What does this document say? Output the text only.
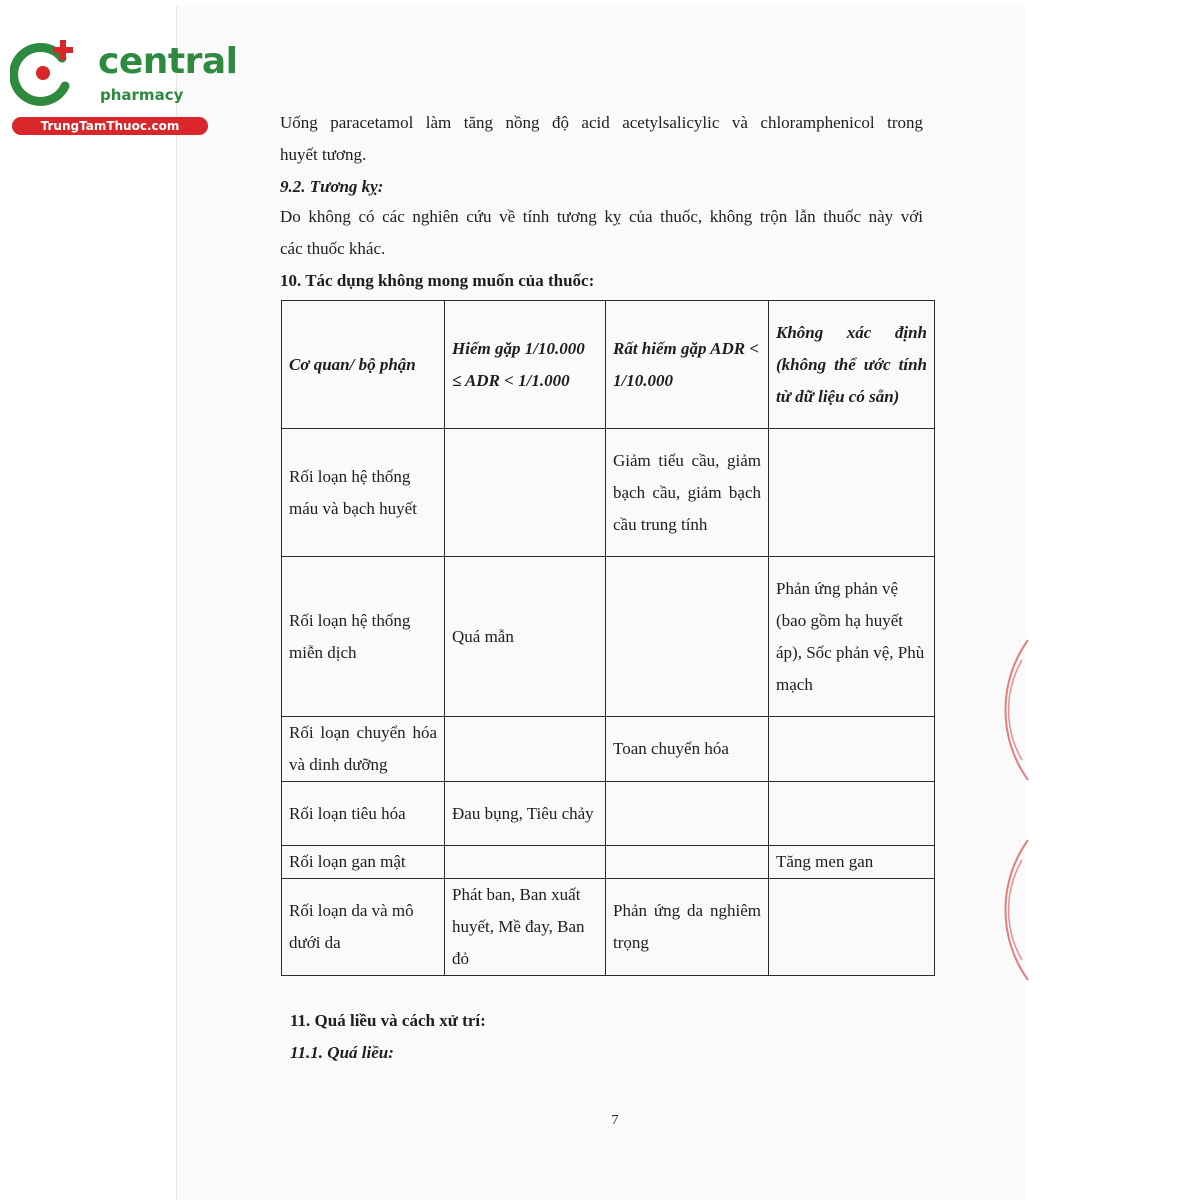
central
pharmacy
TrungTamThuoc.com	Uống paracetamol làm tăng nồng độ acid acetylsalicylic và chloramphenicol trong
huyết tương.
9.2. Tương kỵ:
Do không có các nghiên cứu về tính tương kỵ của thuốc, không trộn lẫn thuốc này với
các thuốc khác.
10. Tác dụng không mong muốn của thuốc:
Cơ quan/ bộ phận	Hiếm gặp 1/10.000 ≤ ADR < 1/1.000	Rất hiếm gặp ADR < 1/10.000	Không xác định (không thể ước tính từ dữ liệu có sẵn)
Rối loạn hệ thống máu và bạch huyết		Giảm tiểu cầu, giảm bạch cầu, giảm bạch cầu trung tính	
Rối loạn hệ thống miễn dịch	Quá mẫn		Phản ứng phản vệ (bao gồm hạ huyết áp), Sốc phản vệ, Phù mạch
Rối loạn chuyển hóa và dinh dưỡng		Toan chuyển hóa	
Rối loạn tiêu hóa	Đau bụng, Tiêu chảy		
Rối loạn gan mật			Tăng men gan
Rối loạn da và mô dưới da	Phát ban, Ban xuất huyết, Mề đay, Ban đỏ	Phản ứng da nghiêm trọng	
11. Quá liều và cách xử trí:
11.1. Quá liều:
7
